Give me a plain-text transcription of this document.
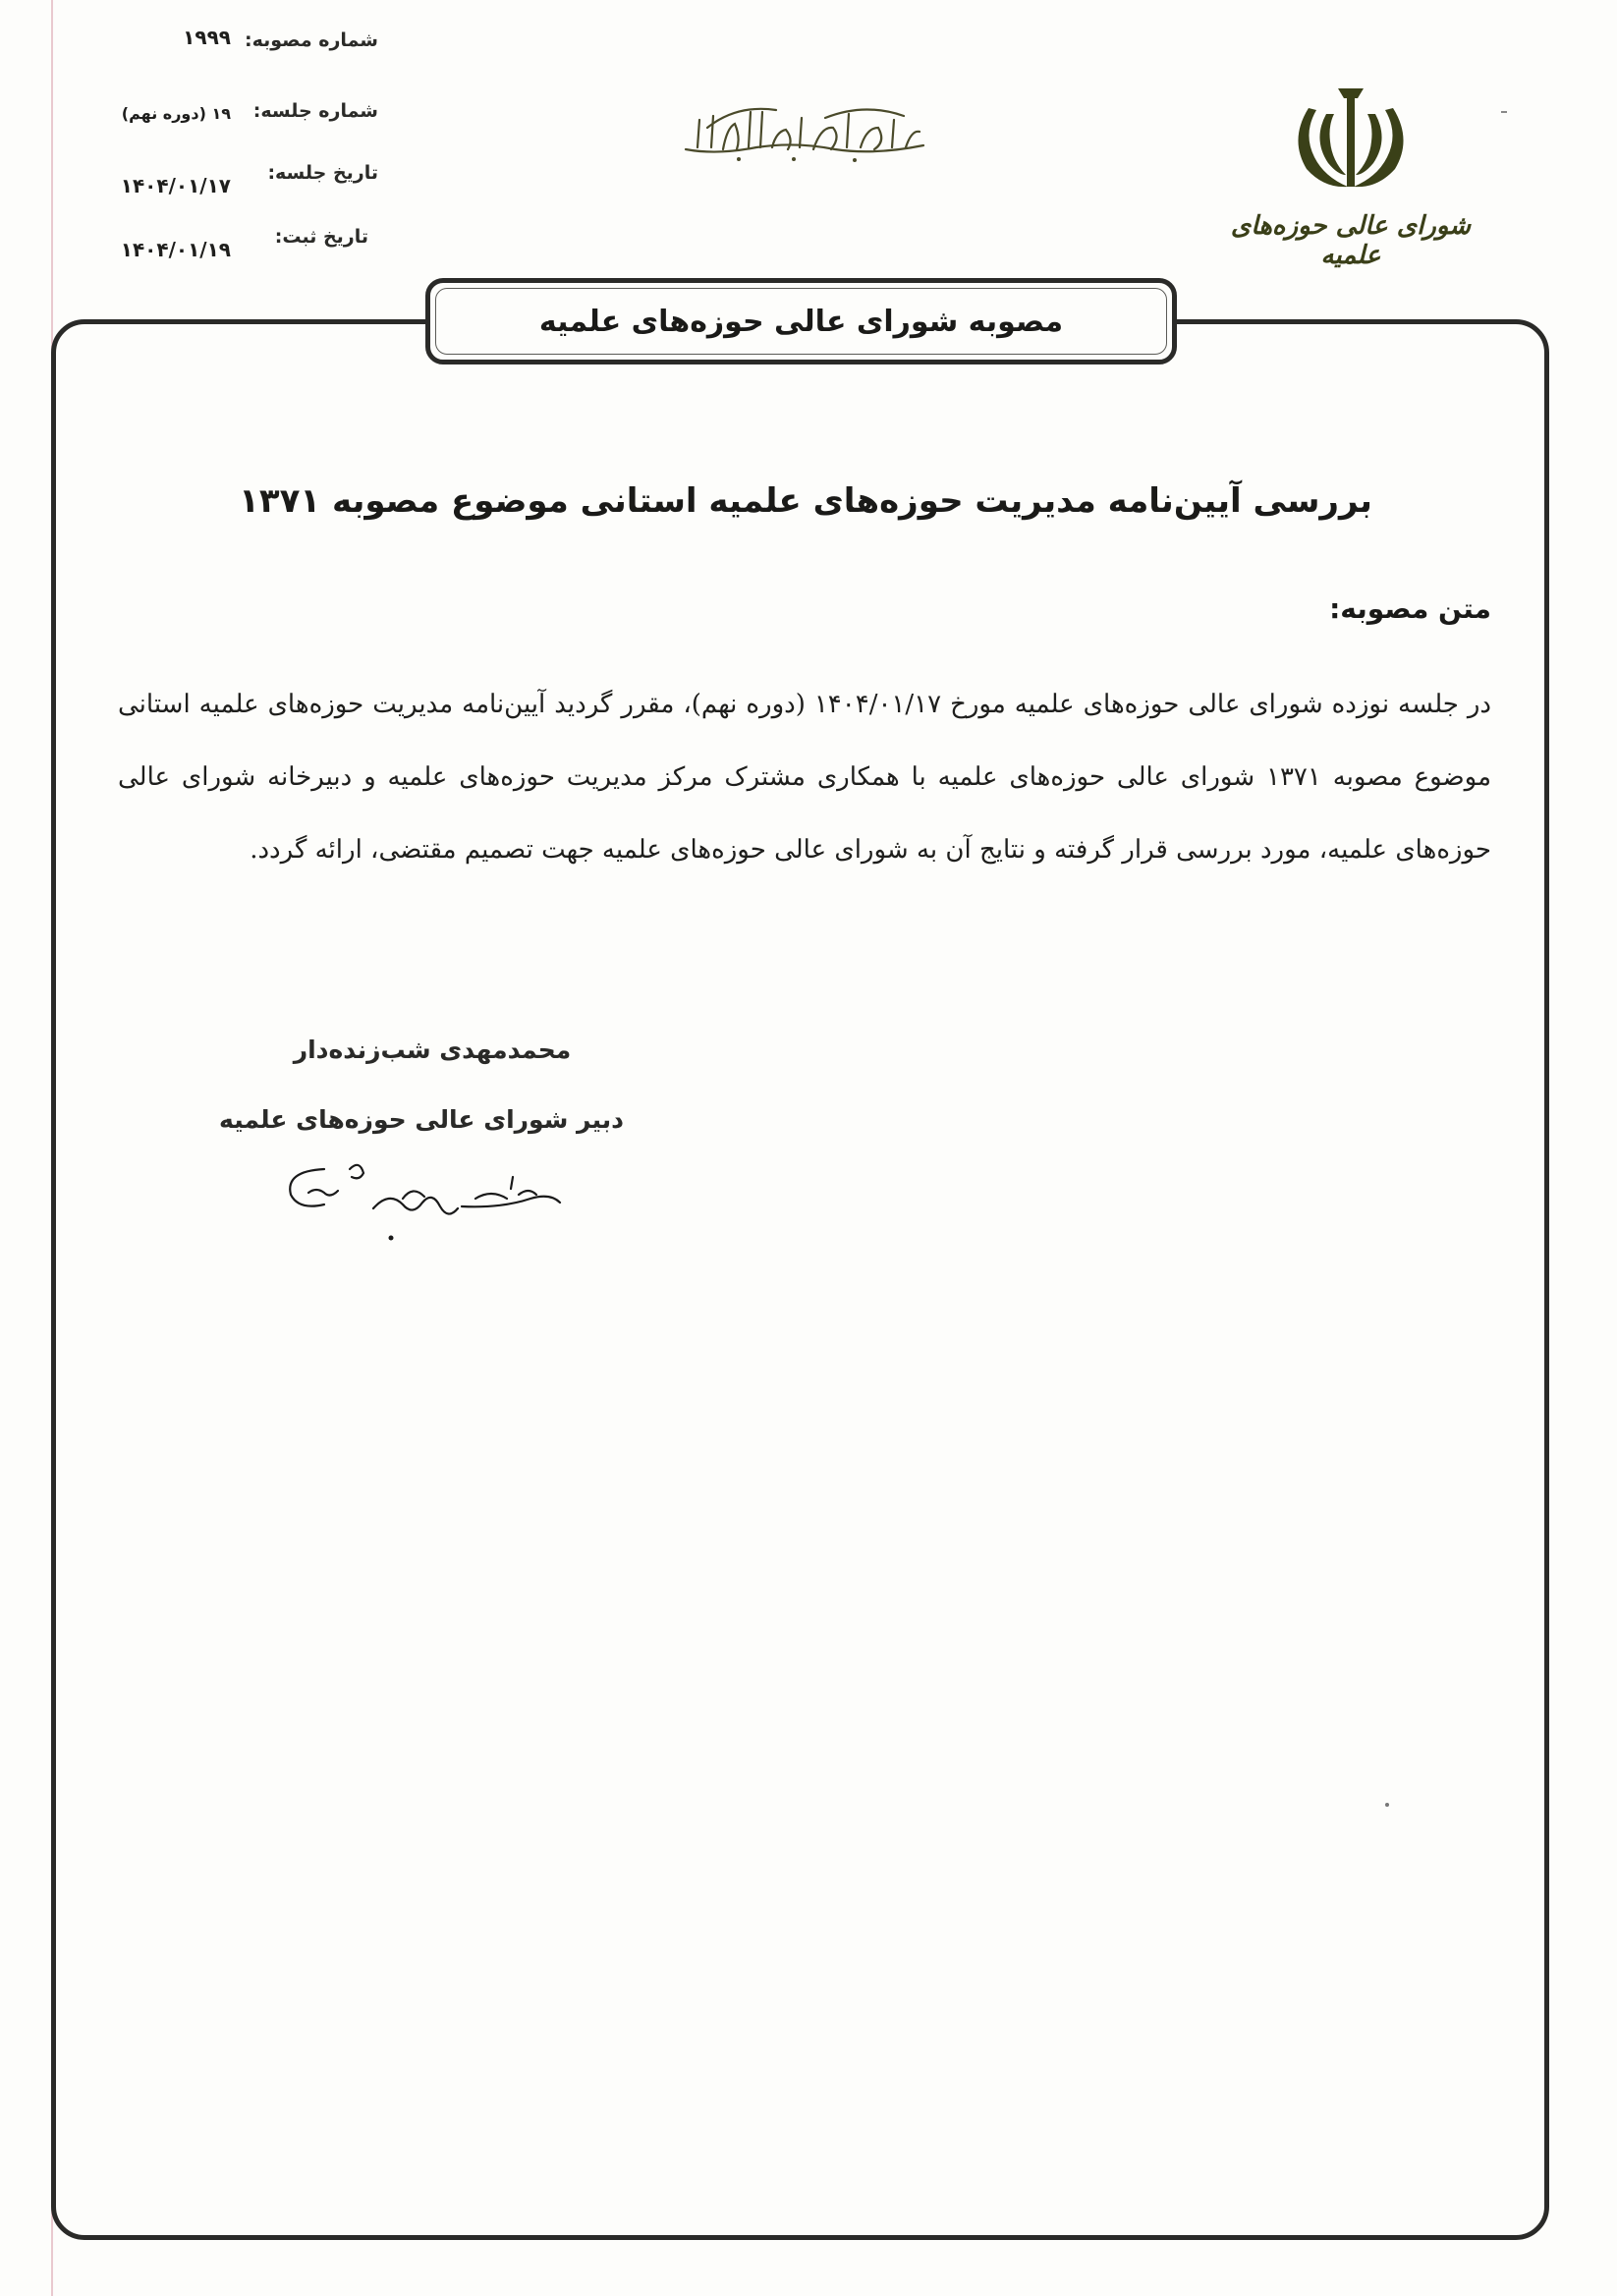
شماره مصوبه:
۱۹۹۹
شماره جلسه:
۱۹ (دوره نهم)
تاریخ جلسه:
۱۴۰۴/۰۱/۱۷
تاریخ ثبت:
۱۴۰۴/۰۱/۱۹
شورای عالی حوزه‌های علمیه
مصوبه شورای عالی حوزه‌های علمیه
بررسی آیین‌نامه مدیریت حوزه‌های علمیه استانی موضوع مصوبه ۱۳۷۱
متن مصوبه:
در جلسه نوزده شورای عالی حوزه‌های علمیه مورخ ۱۴۰۴/۰۱/۱۷ (دوره نهم)، مقرر گردید آیین‌نامه مدیریت حوزه‌های علمیه استانی موضوع مصوبه ۱۳۷۱ شورای عالی حوزه‌های علمیه با همکاری مشترک مرکز مدیریت حوزه‌های علمیه و دبیرخانه شورای عالی حوزه‌های علمیه، مورد بررسی قرار گرفته و نتایج آن به شورای عالی حوزه‌های علمیه جهت تصمیم مقتضی، ارائه گردد.
محمدمهدی شب‌زنده‌دار
دبیر شورای عالی حوزه‌های علمیه
